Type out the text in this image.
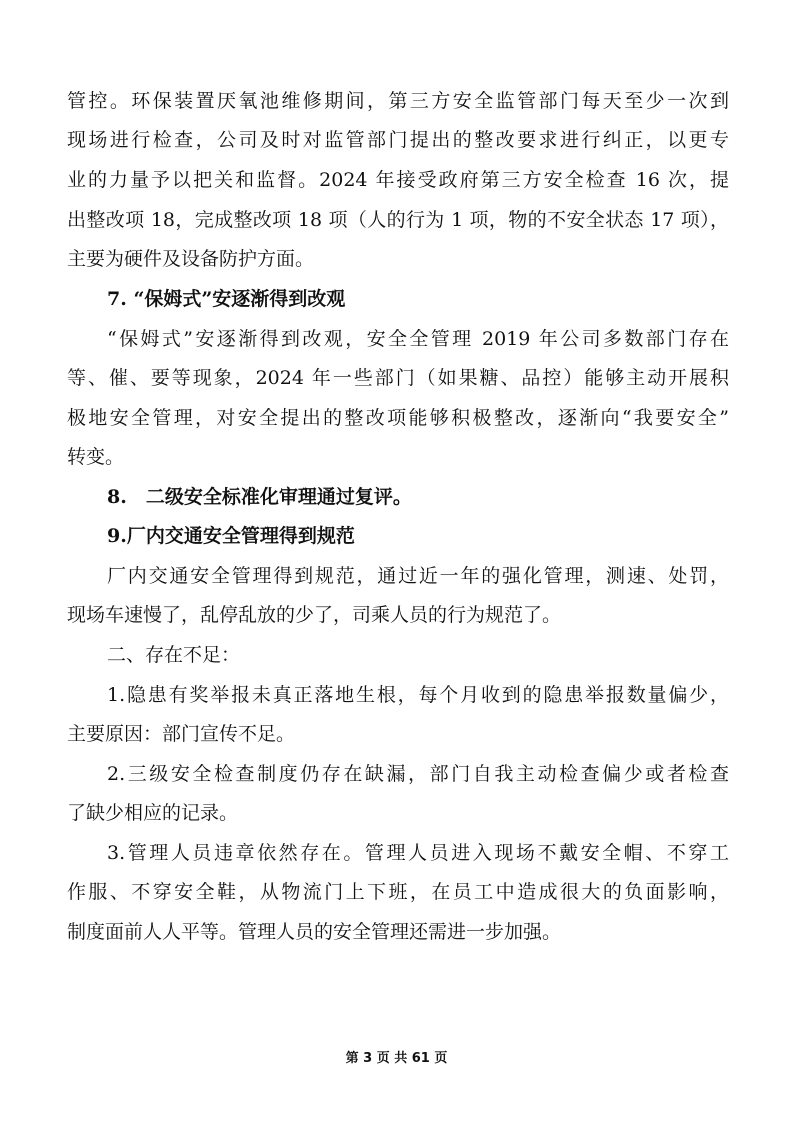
管控。环保装置厌氧池维修期间，第三方安全监管部门每天至少一次到
现场进行检查，公司及时对监管部门提出的整改要求进行纠正，以更专
业的力量予以把关和监督。2024 年接受政府第三方安全检查 16 次，提
出整改项 18，完成整改项 18 项（人的行为 1 项，物的不安全状态 17 项），
主要为硬件及设备防护方面。
7. “保姆式”安逐渐得到改观
“保姆式”安逐渐得到改观，安全全管理 2019 年公司多数部门存在
等、催、要等现象，2024 年一些部门（如果糖、品控）能够主动开展积
极地安全管理，对安全提出的整改项能够积极整改，逐渐向“我要安全”
转变。
8.　二级安全标准化审理通过复评。
9.厂内交通安全管理得到规范
厂内交通安全管理得到规范，通过近一年的强化管理，测速、处罚，
现场车速慢了，乱停乱放的少了，司乘人员的行为规范了。
二、存在不足：
1.隐患有奖举报未真正落地生根，每个月收到的隐患举报数量偏少，
主要原因：部门宣传不足。
2.三级安全检查制度仍存在缺漏，部门自我主动检查偏少或者检查
了缺少相应的记录。
3.管理人员违章依然存在。管理人员进入现场不戴安全帽、不穿工
作服、不穿安全鞋，从物流门上下班，在员工中造成很大的负面影响，
制度面前人人平等。管理人员的安全管理还需进一步加强。
第 3 页 共 61 页
